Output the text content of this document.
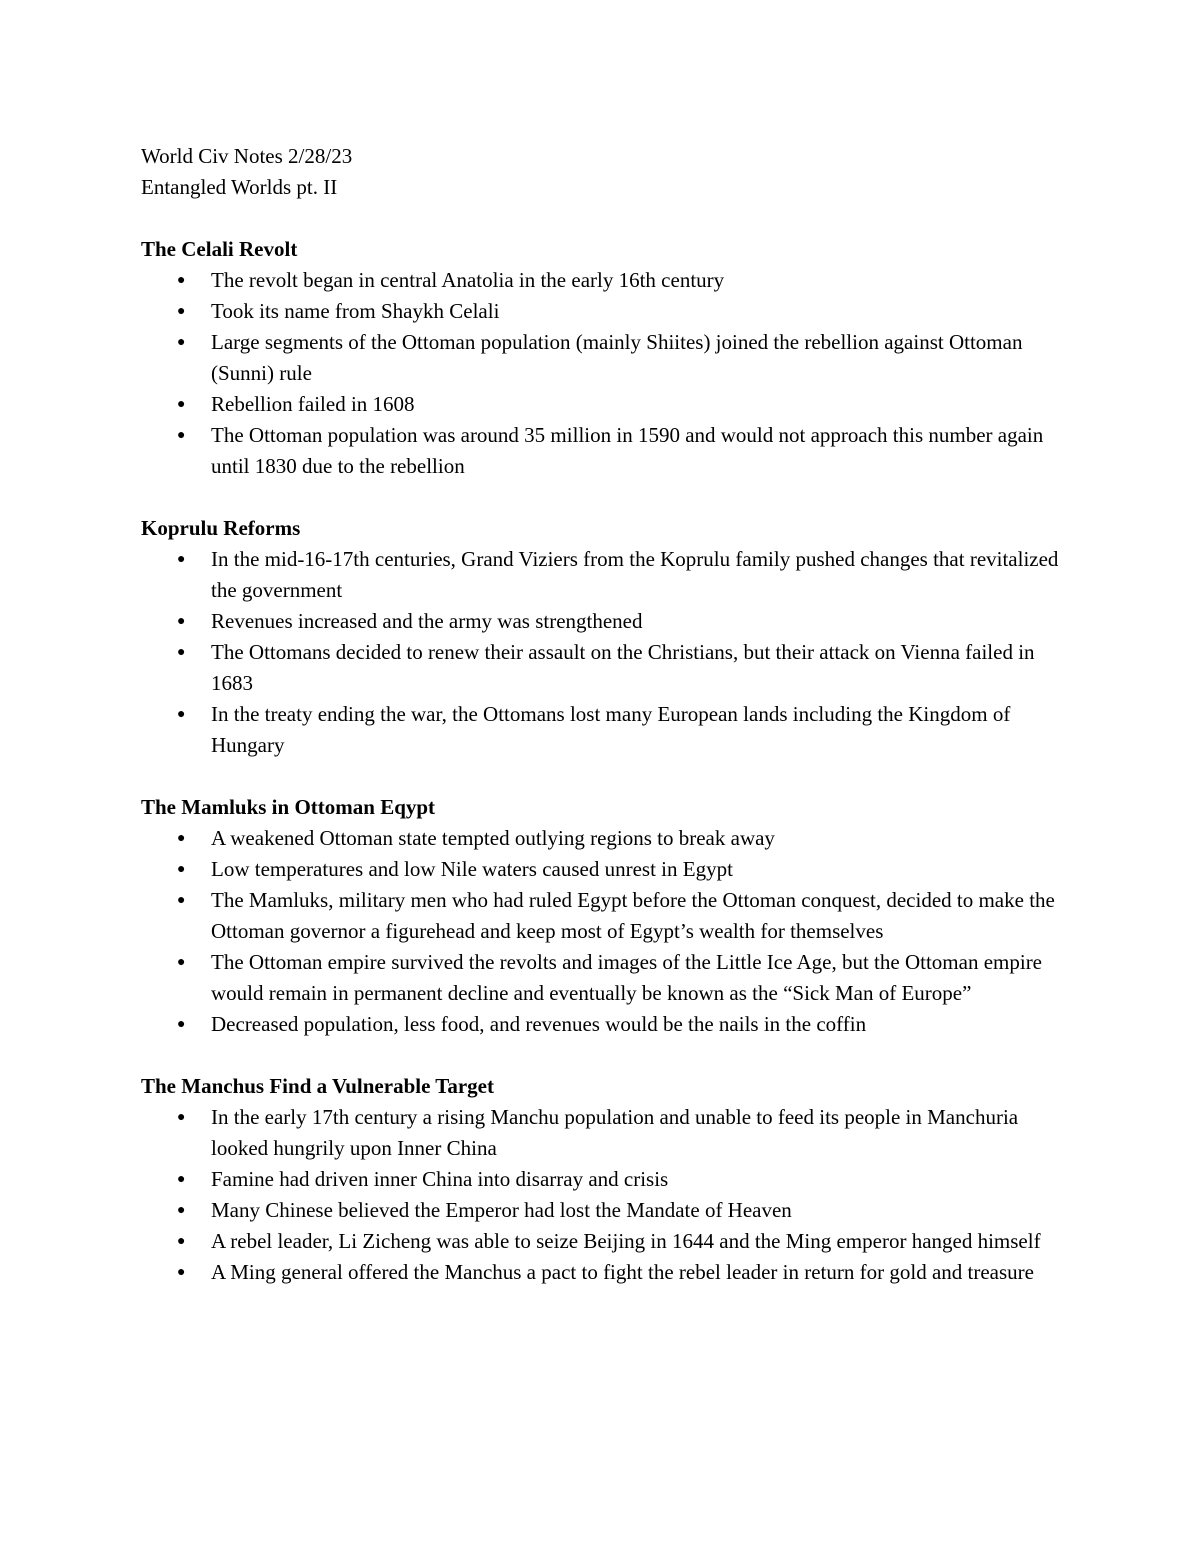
World Civ Notes 2/28/23

Entangled Worlds pt. II

The Celali Revolt

● The revolt began in central Anatolia in the early 16th century
● Took its name from Shaykh Celali
● Large segments of the Ottoman population (mainly Shiites) joined the rebellion against Ottoman (Sunni) rule
● Rebellion failed in 1608
● The Ottoman population was around 35 million in 1590 and would not approach this number again until 1830 due to the rebellion

Koprulu Reforms

● In the mid-16-17th centuries, Grand Viziers from the Koprulu family pushed changes that revitalized the government
● Revenues increased and the army was strengthened
● The Ottomans decided to renew their assault on the Christians, but their attack on Vienna failed in 1683
● In the treaty ending the war, the Ottomans lost many European lands including the Kingdom of Hungary

The Mamluks in Ottoman Eqypt

● A weakened Ottoman state tempted outlying regions to break away
● Low temperatures and low Nile waters caused unrest in Egypt
● The Mamluks, military men who had ruled Egypt before the Ottoman conquest, decided to make the Ottoman governor a figurehead and keep most of Egypt’s wealth for themselves
● The Ottoman empire survived the revolts and images of the Little Ice Age, but the Ottoman empire would remain in permanent decline and eventually be known as the “Sick Man of Europe”
● Decreased population, less food, and revenues would be the nails in the coffin

The Manchus Find a Vulnerable Target

● In the early 17th century a rising Manchu population and unable to feed its people in Manchuria looked hungrily upon Inner China
● Famine had driven inner China into disarray and crisis
● Many Chinese believed the Emperor had lost the Mandate of Heaven
● A rebel leader, Li Zicheng was able to seize Beijing in 1644 and the Ming emperor hanged himself
● A Ming general offered the Manchus a pact to fight the rebel leader in return for gold and treasure
